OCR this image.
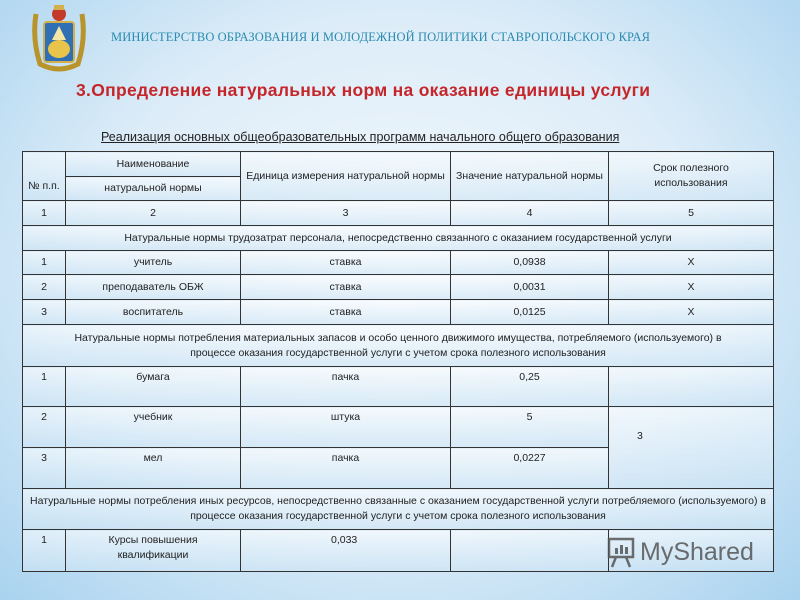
МИНИСТЕРСТВО ОБРАЗОВАНИЯ И МОЛОДЕЖНОЙ ПОЛИТИКИ СТАВРОПОЛЬСКОГО КРАЯ
3.Определение натуральных норм на оказание единицы услуги
Реализация основных общеобразовательных программ начального общего образования
№ п.п.	Наименование	Единица измерения натуральной нормы	Значение натуральной нормы	Срок полезного использования
	натуральной нормы			
1	2	3	4	5
Натуральные нормы трудозатрат персонала, непосредственно связанного с оказанием государственной услуги				
1	учитель	ставка	0,0938	Х
2	преподаватель ОБЖ	ставка	0,0031	Х
3	воспитатель	ставка	0,0125	Х
Натуральные нормы потребления материальных запасов и особо ценного движимого имущества, потребляемого (используемого) в процессе оказания государственной услуги с учетом срока полезного использования				
1	бумага	пачка	0,25	
2	учебник	штука	5	3
3	мел	пачка	0,0227	
Натуральные нормы потребления иных ресурсов, непосредственно связанные с оказанием государственной услуги потребляемого (используемого) в процессе оказания государственной услуги с учетом срока полезного использования				
1	Курсы повышения квалификации	0,033			MyShared
